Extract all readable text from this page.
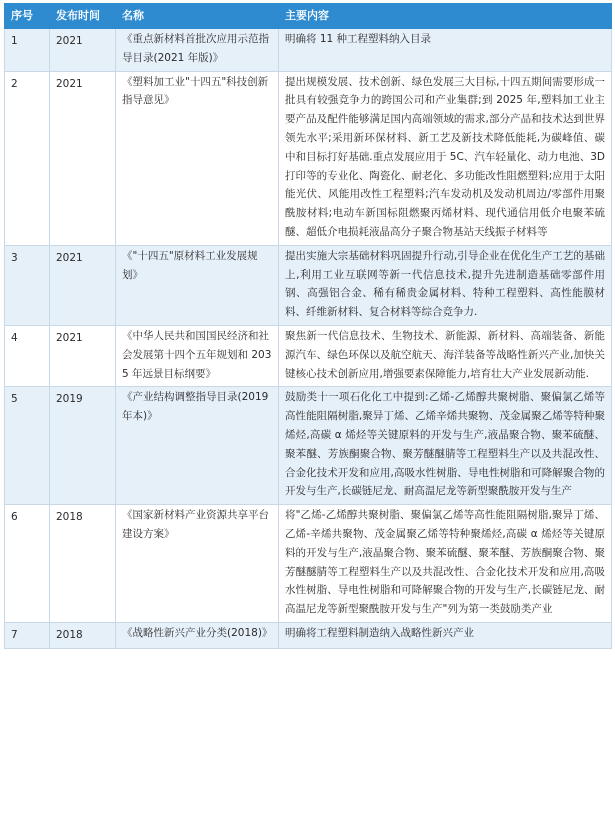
序号	发布时间	名称	主要内容
1	2021	《重点新材料首批次应用示范指导目录(2021 年版)》	明确将 11 种工程塑料纳入目录
2	2021	《塑料加工业"十四五"科技创新指导意见》	提出规模发展、技术创新、绿色发展三大目标,十四五期间需要形成一批具有较强竞争力的跨国公司和产业集群;到 2025 年,塑料加工业主要产品及配件能够满足国内高端领域的需求,部分产品和技术达到世界领先水平;采用新环保材料、新工艺及新技术降低能耗,为碳峰值、碳中和目标打好基础.重点发展应用于 5C、汽车轻量化、动力电池、3D 打印等的专业化、陶瓷化、耐老化、多功能改性阻燃塑料;应用于太阳能光伏、风能用改性工程塑料;汽车发动机及发动机周边/零部件用聚酰胺材料;电动车新国标阻燃聚丙烯材料、现代通信用低介电聚苯硫醚、超低介电损耗液晶高分子聚合物基站天线振子材料等
3	2021	《"十四五"原材料工业发展规划》	提出实施大宗基础材料巩固提升行动,引导企业在优化生产工艺的基础上,利用工业互联网等新一代信息技术,提升先进制造基础零部件用钢、高强铝合金、稀有稀贵金属材料、特种工程塑料、高性能膜材料、纤维新材料、复合材料等综合竞争力.
4	2021	《中华人民共和国国民经济和社会发展第十四个五年规划和 2035 年远景目标纲要》	聚焦新一代信息技术、生物技术、新能源、新材料、高端装备、新能源汽车、绿色环保以及航空航天、海洋装备等战略性新兴产业,加快关键核心技术创新应用,增强要素保障能力,培育壮大产业发展新动能.
5	2019	《产业结构调整指导目录(2019 年本)》	鼓励类十一项石化化工中提到:乙烯-乙烯醇共聚树脂、聚偏氯乙烯等高性能阻隔树脂,聚异丁烯、乙烯辛烯共聚物、茂金属聚乙烯等特种聚烯烃,高碳 α 烯烃等关键原料的开发与生产,液晶聚合物、聚苯硫醚、聚苯醚、芳族酮聚合物、聚芳醚醚腈等工程塑料生产以及共混改性、合金化技术开发和应用,高吸水性树脂、导电性树脂和可降解聚合物的开发与生产,长碳链尼龙、耐高温尼龙等新型聚酰胺开发与生产
6	2018	《国家新材料产业资源共享平台建设方案》	将"乙烯-乙烯醇共聚树脂、聚偏氯乙烯等高性能阻隔树脂,聚异丁烯、乙烯-辛烯共聚物、茂金属聚乙烯等特种聚烯烃,高碳 α 烯烃等关键原料的开发与生产,液晶聚合物、聚苯硫醚、聚苯醚、芳族酮聚合物、聚芳醚醚腈等工程塑料生产以及共混改性、合金化技术开发和应用,高吸水性树脂、导电性树脂和可降解聚合物的开发与生产,长碳链尼龙、耐高温尼龙等新型聚酰胺开发与生产"列为第一类鼓励类产业
7	2018	《战略性新兴产业分类(2018)》	明确将工程塑料制造纳入战略性新兴产业
